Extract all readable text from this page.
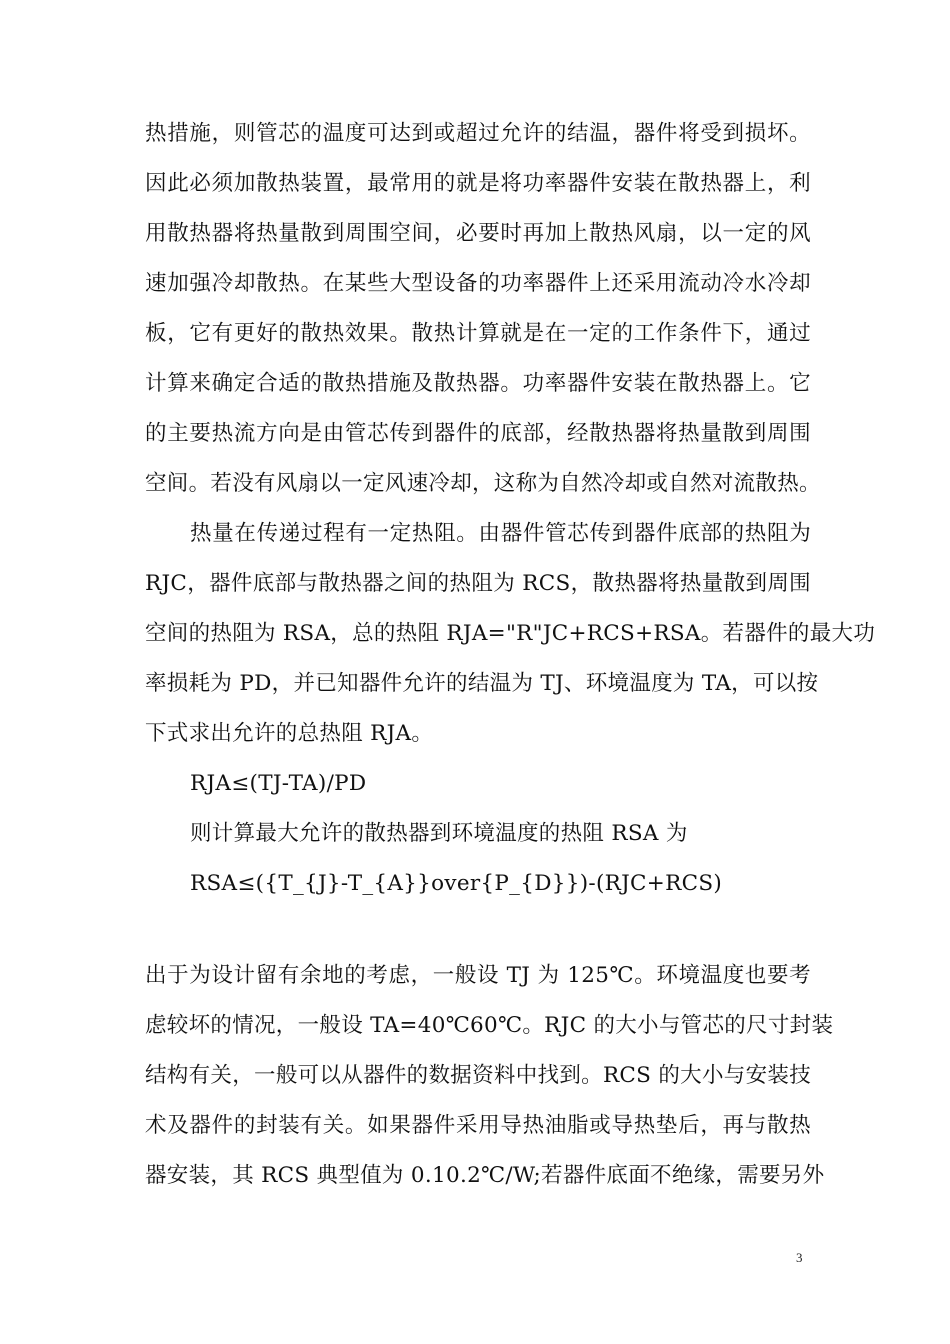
热措施，则管芯的温度可达到或超过允许的结温，器件将受到损坏。
因此必须加散热装置，最常用的就是将功率器件安装在散热器上，利
用散热器将热量散到周围空间，必要时再加上散热风扇，以一定的风
速加强冷却散热。在某些大型设备的功率器件上还采用流动冷水冷却
板，它有更好的散热效果。散热计算就是在一定的工作条件下，通过
计算来确定合适的散热措施及散热器。功率器件安装在散热器上。它
的主要热流方向是由管芯传到器件的底部，经散热器将热量散到周围
空间。若没有风扇以一定风速冷却，这称为自然冷却或自然对流散热。
热量在传递过程有一定热阻。由器件管芯传到器件底部的热阻为
RJC，器件底部与散热器之间的热阻为 RCS，散热器将热量散到周围
空间的热阻为 RSA，总的热阻 RJA="R"JC+RCS+RSA。若器件的最大功
率损耗为 PD，并已知器件允许的结温为 TJ、环境温度为 TA，可以按
下式求出允许的总热阻 RJA。
RJA≤(TJ-TA)/PD
则计算最大允许的散热器到环境温度的热阻 RSA 为
RSA≤({T_{J}-T_{A}}over{P_{D}})-(RJC+RCS)
出于为设计留有余地的考虑，一般设 TJ 为 125℃。环境温度也要考
虑较坏的情况，一般设 TA=40℃60℃。RJC 的大小与管芯的尺寸封装
结构有关，一般可以从器件的数据资料中找到。RCS 的大小与安装技
术及器件的封装有关。如果器件采用导热油脂或导热垫后，再与散热
器安装，其 RCS 典型值为 0.10.2℃/W;若器件底面不绝缘，需要另外
3
